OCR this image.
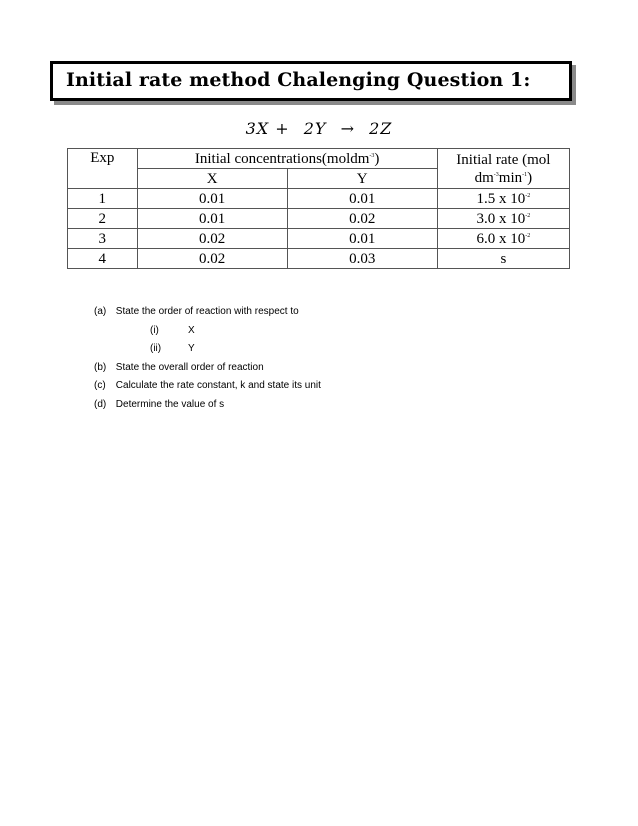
Initial rate method Chalenging Question 1:
3X + 2Y → 2Z
Exp	Initial concentrations(moldm$^{-3}$)		Initial rate (mol
$dm^{-3}\min^{-1}$)

	X	Y	
1	0.01	0.01	1.5 x $10^{-2}$
2	0.01	0.02	3.0 x $10^{-2}$
3	0.02	0.01	6.0 x $10^{-2}$
4	0.02	0.03	s
(a) State the order of reaction with respect to
(i)	X
(ii)	Y
(b) State the overall order of reaction
(c) Calculate the rate constant, k and state its unit
(d) Determine the value of s
